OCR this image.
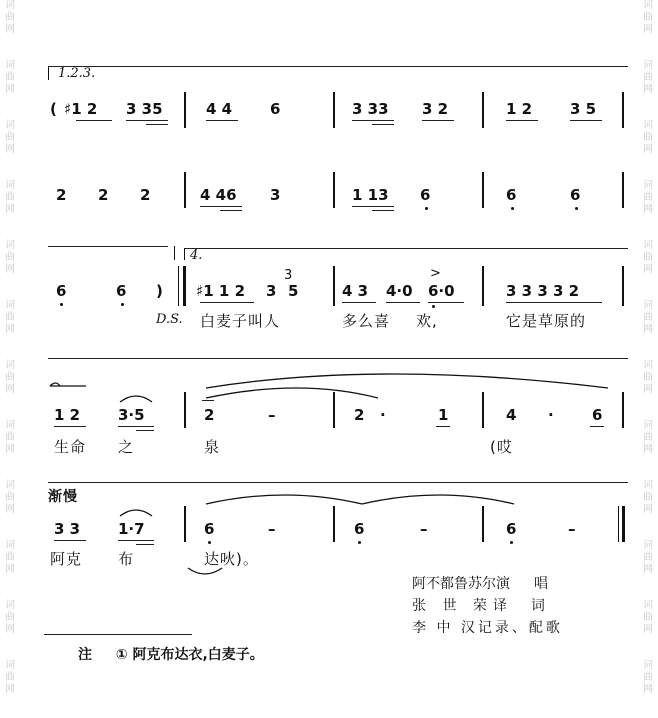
词
曲
网
词
曲
网
词
曲
网
词
曲
网
词
曲
网
词
曲
网
词
曲
网
词
曲
网
词
曲
网
词
曲
网
词
曲
网
词
曲
网
词
曲
网
词
曲
网
词
曲
网
词
曲
网
词
曲
网
词
曲
网
词
曲
网
词
曲
网
词
曲
网
词
曲
网
词
曲
网
词
曲
网
1.2.3.
( ♯1 2 3 35	4 4	6	3 33 3 2	1 2	3 5
2 2 2	4 46 3	1 13 6	6	6
4.
6	6 ) ♯1 1 2
3
3 5	4 3 4·0
>
6·0	3 3 3 3 2
D.S. 白麦子叫人	多么喜 欢,	它是草原的
1 2	3·5	2	–	2 ·	1	4 ·	6
生命 之	泉	(哎
渐慢
3 3	1·7	6	–	6	–	6	–
阿克 布	达吙)。
阿不都鲁苏尔演 唱
张 世 荣译 词
李 中 汉记录、配歌
注 ① 阿克布达衣,白麦子。
